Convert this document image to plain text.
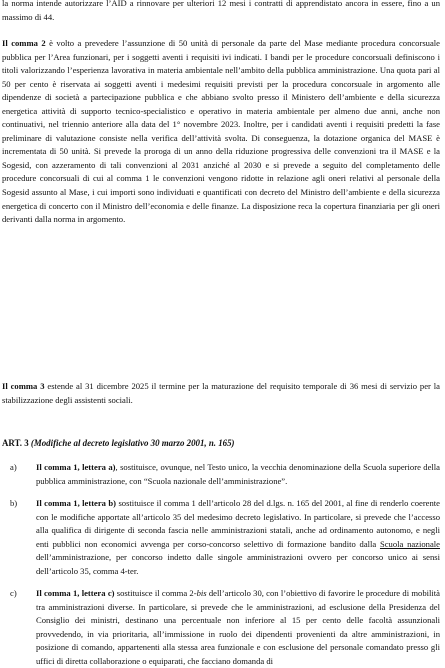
la norma intende autorizzare l’AID a rinnovare per ulteriori 12 mesi i contratti di apprendistato ancora in essere, fino a un massimo di 44.

Il comma 2 è volto a prevedere l’assunzione di 50 unità di personale da parte del Mase mediante procedura concorsuale pubblica per l’Area funzionari, per i soggetti aventi i requisiti ivi indicati. I bandi per le procedure concorsuali definiscono i titoli valorizzando l’esperienza lavorativa in materia ambientale nell’ambito della pubblica amministrazione. Una quota pari al 50 per cento è riservata ai soggetti aventi i medesimi requisiti previsti per la procedura concorsuale in argomento alle dipendenze di società a partecipazione pubblica e che abbiano svolto presso il Ministero dell’ambiente e della sicurezza energetica attività di supporto tecnico-specialistico e operativo in materia ambientale per almeno due anni, anche non continuativi, nel triennio anteriore alla data del 1° novembre 2023. Inoltre, per i candidati aventi i requisiti predetti la fase preliminare di valutazione consiste nella verifica dell’attività svolta. Di conseguenza, la dotazione organica del MASE è incrementata di 50 unità. Si prevede la proroga di un anno della riduzione progressiva delle convenzioni tra il MASE e la Sogesid, con azzeramento di tali convenzioni al 2031 anziché al 2030 e si prevede a seguito del completamento delle procedure concorsuali di cui al comma 1 le convenzioni vengono ridotte in relazione agli oneri relativi al personale della Sogesid assunto al Mase, i cui importi sono individuati e quantificati con decreto del Ministro dell’ambiente e della sicurezza energetica di concerto con il Ministro dell’economia e delle finanze. La disposizione reca la copertura finanziaria per gli oneri derivanti dalla norma in argomento.

Il comma 3 estende al 31 dicembre 2025 il termine per la maturazione del requisito temporale di 36 mesi di servizio per la stabilizzazione degli assistenti sociali.

ART. 3 (Modifiche al decreto legislativo 30 marzo 2001, n. 165)

a) Il comma 1, lettera a), sostituisce, ovunque, nel Testo unico, la vecchia denominazione della Scuola superiore della pubblica amministrazione, con “Scuola nazionale dell’amministrazione”.

b) Il comma 1, lettera b) sostituisce il comma 1 dell’articolo 28 del d.lgs. n. 165 del 2001, al fine di renderlo coerente con le modifiche apportate all’articolo 35 del medesimo decreto legislativo. In particolare, si prevede che l’accesso alla qualifica di dirigente di seconda fascia nelle amministrazioni statali, anche ad ordinamento autonomo, e negli enti pubblici non economici avvenga per corso-concorso selettivo di formazione bandito dalla Scuola nazionale dell’amministrazione, per concorso indetto dalle singole amministrazioni ovvero per concorso unico ai sensi dell’articolo 35, comma 4-ter.

c) Il comma 1, lettera c) sostituisce il comma 2-bis dell’articolo 30, con l’obiettivo di favorire le procedure di mobilità tra amministrazioni diverse. In particolare, si prevede che le amministrazioni, ad esclusione della Presidenza del Consiglio dei ministri, destinano una percentuale non inferiore al 15 per cento delle facoltà assunzionali provvedendo, in via prioritaria, all’immissione in ruolo dei dipendenti provenienti da altre amministrazioni, in posizione di comando, appartenenti alla stessa area funzionale e con esclusione del personale comandato presso gli uffici di diretta collaborazione o equiparati, che facciano domanda di
